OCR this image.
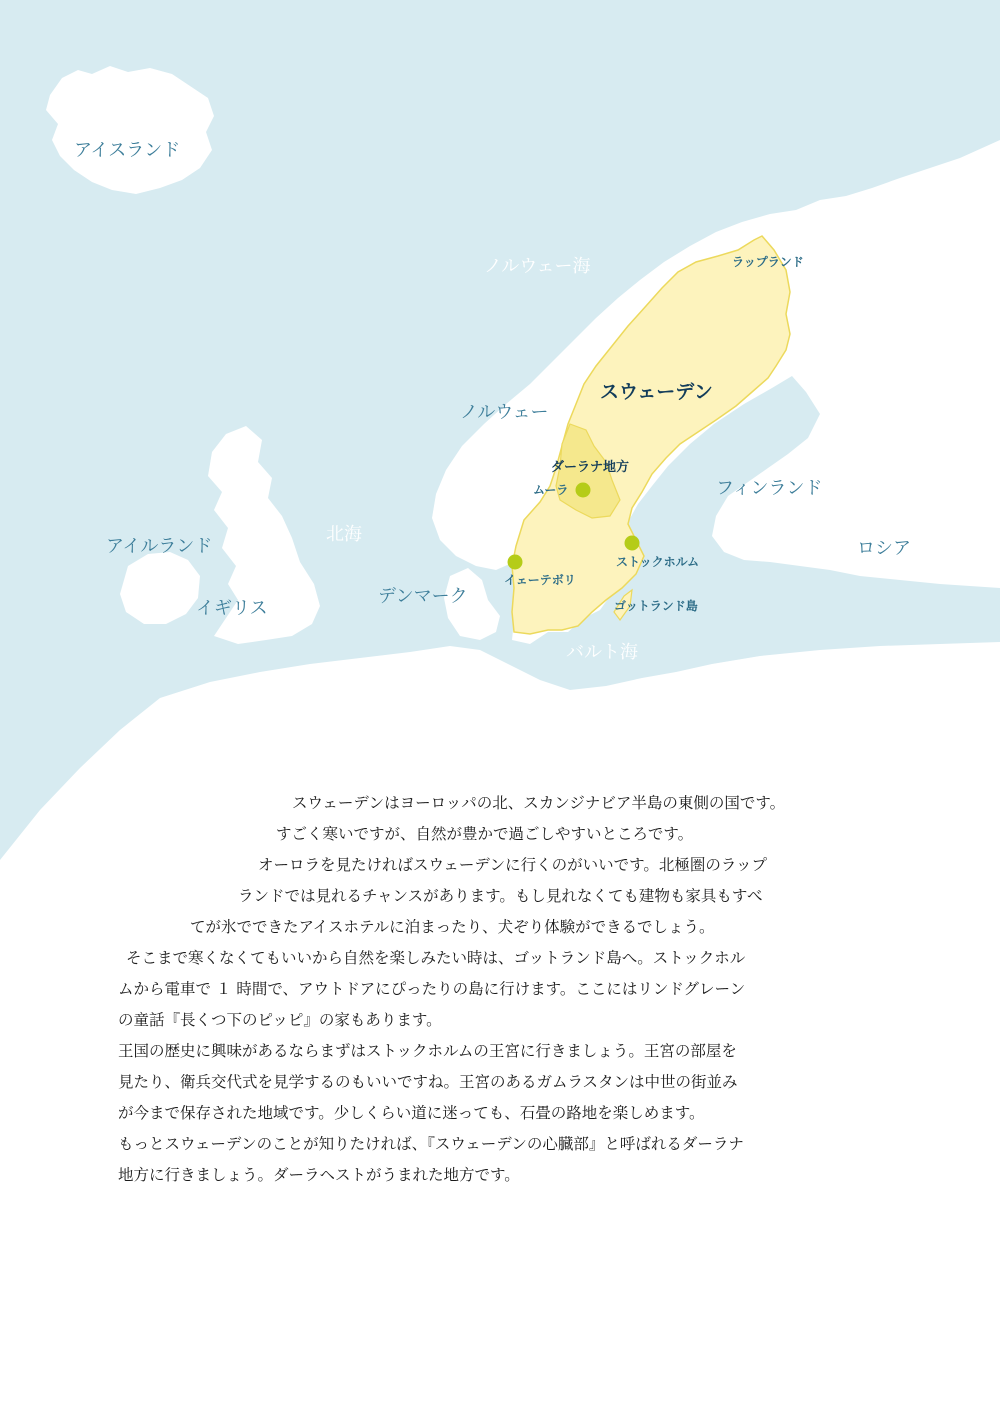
ノルウェー海
北海
バルト海
アイスランド
ノルウェー
フィンランド
ロシア
アイルランド
イギリス
デンマーク
スウェーデン
ラップランド
ダーラナ地方
ムーラ
ストックホルム
イェーテボリ
ゴットランド島

スウェーデンはヨーロッパの北、スカンジナビア半島の東側の国です。

すごく寒いですが、自然が豊かで過ごしやすいところです。

オーロラを見たければスウェーデンに行くのがいいです。北極圏のラップ

ランドでは見れるチャンスがあります。もし見れなくても建物も家具もすべ

てが氷でできたアイスホテルに泊まったり、犬ぞり体験ができるでしょう。

そこまで寒くなくてもいいから自然を楽しみたい時は、ゴットランド島へ。ストックホル

ムから電車で １ 時間で、アウトドアにぴったりの島に行けます。ここにはリンドグレーン

の童話『長くつ下のピッピ』の家もあります。

王国の歴史に興味があるならまずはストックホルムの王宮に行きましょう。王宮の部屋を

見たり、衛兵交代式を見学するのもいいですね。王宮のあるガムラスタンは中世の街並み

が今まで保存された地域です。少しくらい道に迷っても、石畳の路地を楽しめます。

もっとスウェーデンのことが知りたければ、『スウェーデンの心臓部』と呼ばれるダーラナ

地方に行きましょう。ダーラヘストがうまれた地方です。
